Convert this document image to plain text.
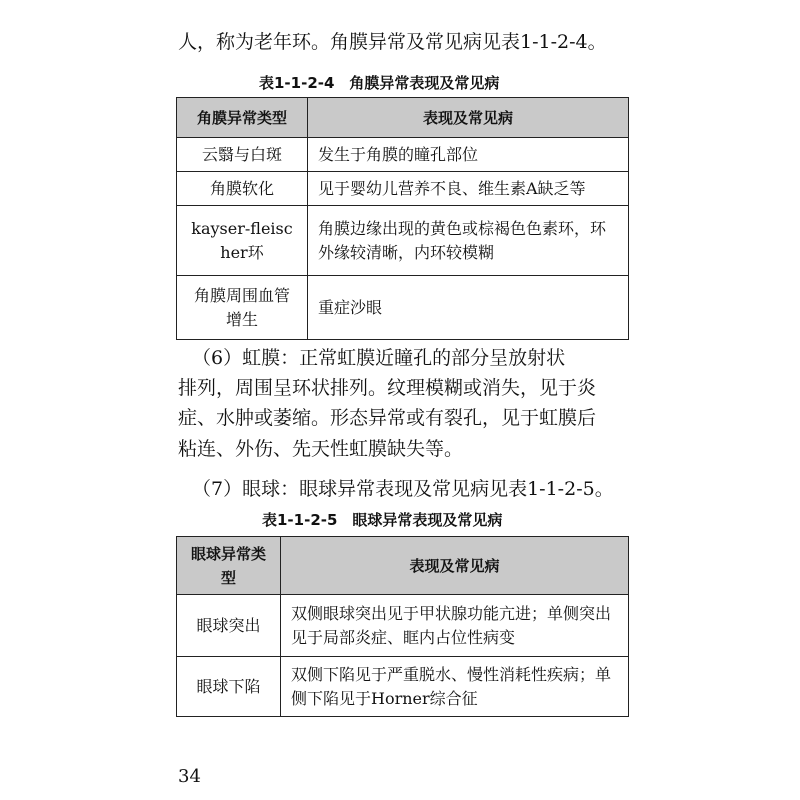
人，称为老年环。角膜异常及常见病见表1-1-2-4。
表1-1-2-4　角膜异常表现及常见病
角膜异常类型	表现及常见病
云翳与白斑	发生于角膜的瞳孔部位
角膜软化	见于婴幼儿营养不良、维生素A缺乏等
kayser-fleischer环	角膜边缘出现的黄色或棕褐色色素环，环外缘较清晰，内环较模糊
角膜周围血管增生	重症沙眼
（6）虹膜：正常虹膜近瞳孔的部分呈放射状
排列，周围呈环状排列。纹理模糊或消失，见于炎
症、水肿或萎缩。形态异常或有裂孔，见于虹膜后
粘连、外伤、先天性虹膜缺失等。
（7）眼球：眼球异常表现及常见病见表1-1-2-5。
表1-1-2-5　眼球异常表现及常见病
眼球异常类型	表现及常见病
眼球突出	双侧眼球突出见于甲状腺功能亢进；单侧突出见于局部炎症、眶内占位性病变
眼球下陷	双侧下陷见于严重脱水、慢性消耗性疾病；单侧下陷见于Horner综合征
34
